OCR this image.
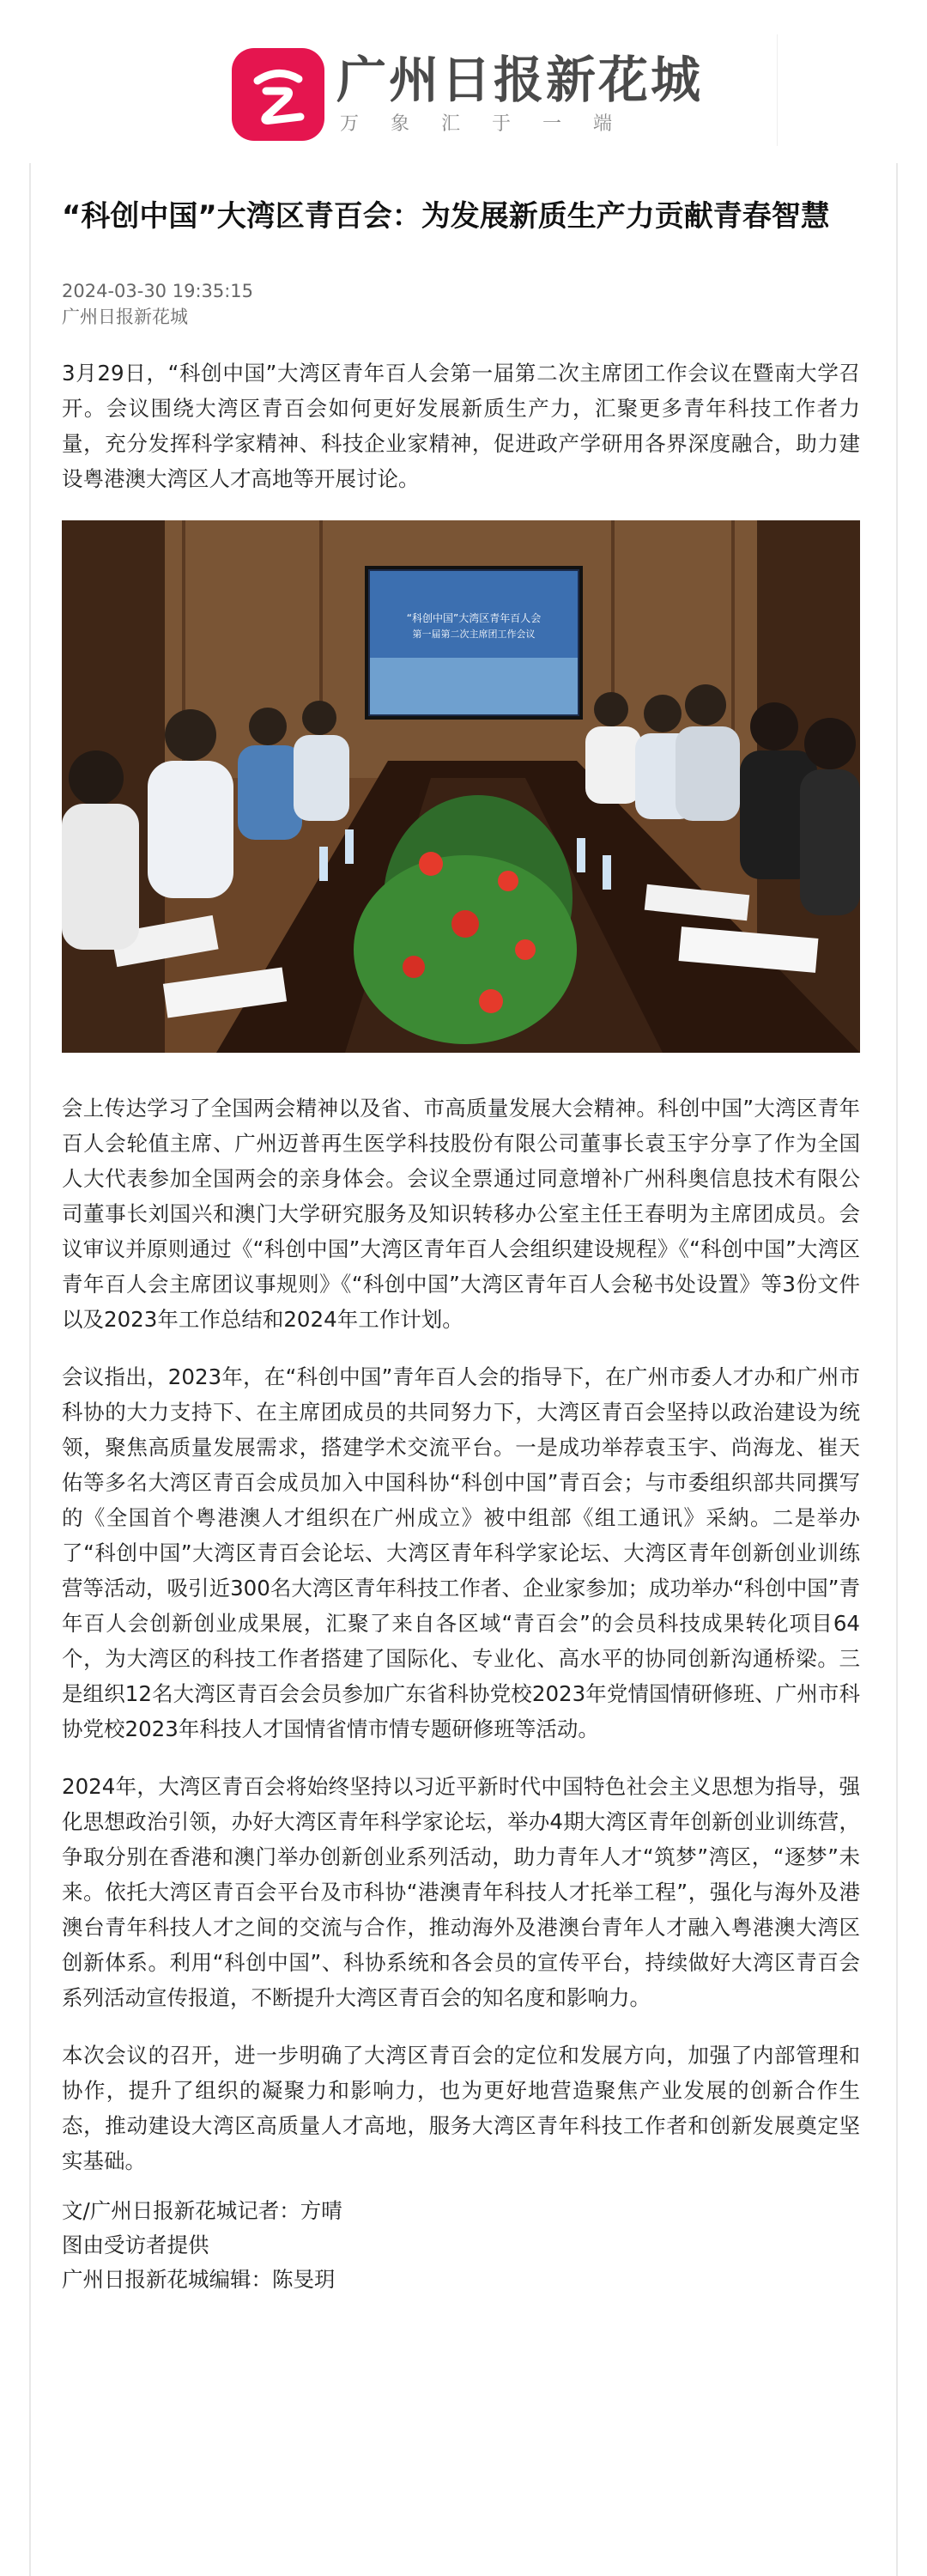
广州日报新花城
万象汇于一端
“科创中国”大湾区青百会：为发展新质生产力贡献青春智慧
2024-03-30 19:35:15
广州日报新花城

3月29日，“科创中国”大湾区青年百人会第一届第二次主席团工作会议在暨南大学召开。会议围绕大湾区青百会如何更好发展新质生产力，汇聚更多青年科技工作者力量，充分发挥科学家精神、科技企业家精神，促进政产学研用各界深度融合，助力建设粤港澳大湾区人才高地等开展讨论。

“科创中国”大湾区青年百人会
第一届第二次主席团工作会议

会上传达学习了全国两会精神以及省、市高质量发展大会精神。科创中国”大湾区青年百人会轮值主席、广州迈普再生医学科技股份有限公司董事长袁玉宇分享了作为全国人大代表参加全国两会的亲身体会。会议全票通过同意增补广州科奥信息技术有限公司董事长刘国兴和澳门大学研究服务及知识转移办公室主任王春明为主席团成员。会议审议并原则通过《“科创中国”大湾区青年百人会组织建设规程》《“科创中国”大湾区青年百人会主席团议事规则》《“科创中国”大湾区青年百人会秘书处设置》等3份文件以及2023年工作总结和2024年工作计划。

会议指出，2023年，在“科创中国”青年百人会的指导下，在广州市委人才办和广州市科协的大力支持下、在主席团成员的共同努力下，大湾区青百会坚持以政治建设为统领，聚焦高质量发展需求，搭建学术交流平台。一是成功举荐袁玉宇、尚海龙、崔天佑等多名大湾区青百会成员加入中国科协“科创中国”青百会；与市委组织部共同撰写的《全国首个粤港澳人才组织在广州成立》被中组部《组工通讯》采納。二是举办了“科创中国”大湾区青百会论坛、大湾区青年科学家论坛、大湾区青年创新创业训练营等活动，吸引近300名大湾区青年科技工作者、企业家参加；成功举办“科创中国”青年百人会创新创业成果展，汇聚了来自各区域“青百会”的会员科技成果转化项目64个，为大湾区的科技工作者搭建了国际化、专业化、高水平的协同创新沟通桥梁。三是组织12名大湾区青百会会员参加广东省科协党校2023年党情国情研修班、广州市科协党校2023年科技人才国情省情市情专题研修班等活动。

2024年，大湾区青百会将始终坚持以习近平新时代中国特色社会主义思想为指导，强化思想政治引领，办好大湾区青年科学家论坛，举办4期大湾区青年创新创业训练营，争取分别在香港和澳门举办创新创业系列活动，助力青年人才“筑梦”湾区，“逐梦”未来。依托大湾区青百会平台及市科协“港澳青年科技人才托举工程”，强化与海外及港澳台青年科技人才之间的交流与合作，推动海外及港澳台青年人才融入粤港澳大湾区创新体系。利用“科创中国”、科协系统和各会员的宣传平台，持续做好大湾区青百会系列活动宣传报道，不断提升大湾区青百会的知名度和影响力。

本次会议的召开，进一步明确了大湾区青百会的定位和发展方向，加强了内部管理和协作，提升了组织的凝聚力和影响力，也为更好地营造聚焦产业发展的创新合作生态，推动建设大湾区高质量人才高地，服务大湾区青年科技工作者和创新发展奠定坚实基础。

文/广州日报新花城记者：方晴
图由受访者提供
广州日报新花城编辑：陈旻玥
